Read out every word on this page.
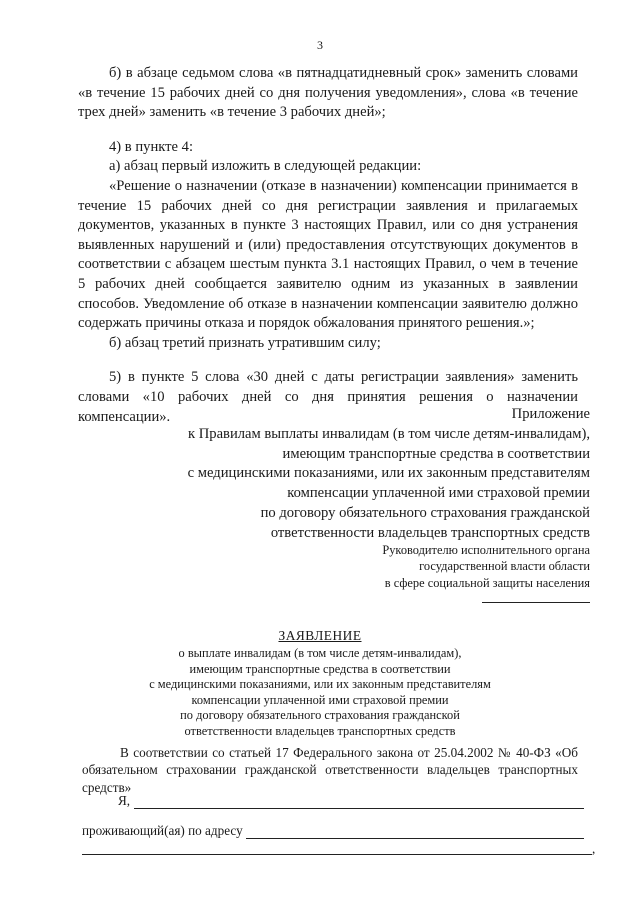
3

б) в абзаце седьмом слова «в пятнадцатидневный срок» заменить словами «в течение 15 рабочих дней со дня получения уведомления», слова «в течение трех дней» заменить «в течение 3 рабочих дней»;

4) в пункте 4:

а) абзац первый изложить в следующей редакции:

«Решение о назначении (отказе в назначении) компенсации принимается в течение 15 рабочих дней со дня регистрации заявления и прилагаемых документов, указанных в пункте 3 настоящих Правил, или со дня устранения выявленных нарушений и (или) предоставления отсутствующих документов в соответствии с абзацем шестым пункта 3.1 настоящих Правил, о чем в течение 5 рабочих дней сообщается заявителю одним из указанных в заявлении способов. Уведомление об отказе в назначении компенсации заявителю должно содержать причины отказа и порядок обжалования принятого решения.»;

б) абзац третий признать утратившим силу;

5) в пункте 5 слова «30 дней с даты регистрации заявления» заменить словами «10 рабочих дней со дня принятия решения о назначении компенсации».	Приложение
к Правилам выплаты инвалидам (в том числе детям-инвалидам),
имеющим транспортные средства в соответствии
с медицинскими показаниями, или их законным представителям
компенсации уплаченной ими страховой премии
по договору обязательного страхования гражданской
ответственности владельцев транспортных средств
Руководителю исполнительного органа
государственной власти области
в сфере социальной защиты населения
ЗАЯВЛЕНИЕ
о выплате инвалидам (в том числе детям-инвалидам),
имеющим транспортные средства в соответствии
с медицинскими показаниями, или их законным представителям
компенсации уплаченной ими страховой премии
по договору обязательного страхования гражданской
ответственности владельцев транспортных средств

В соответствии со статьей 17 Федерального закона от 25.04.2002 № 40-ФЗ «Об обязательном страховании гражданской ответственности владельцев транспортных средств»

Я,
проживающий(ая) по адресу
,
